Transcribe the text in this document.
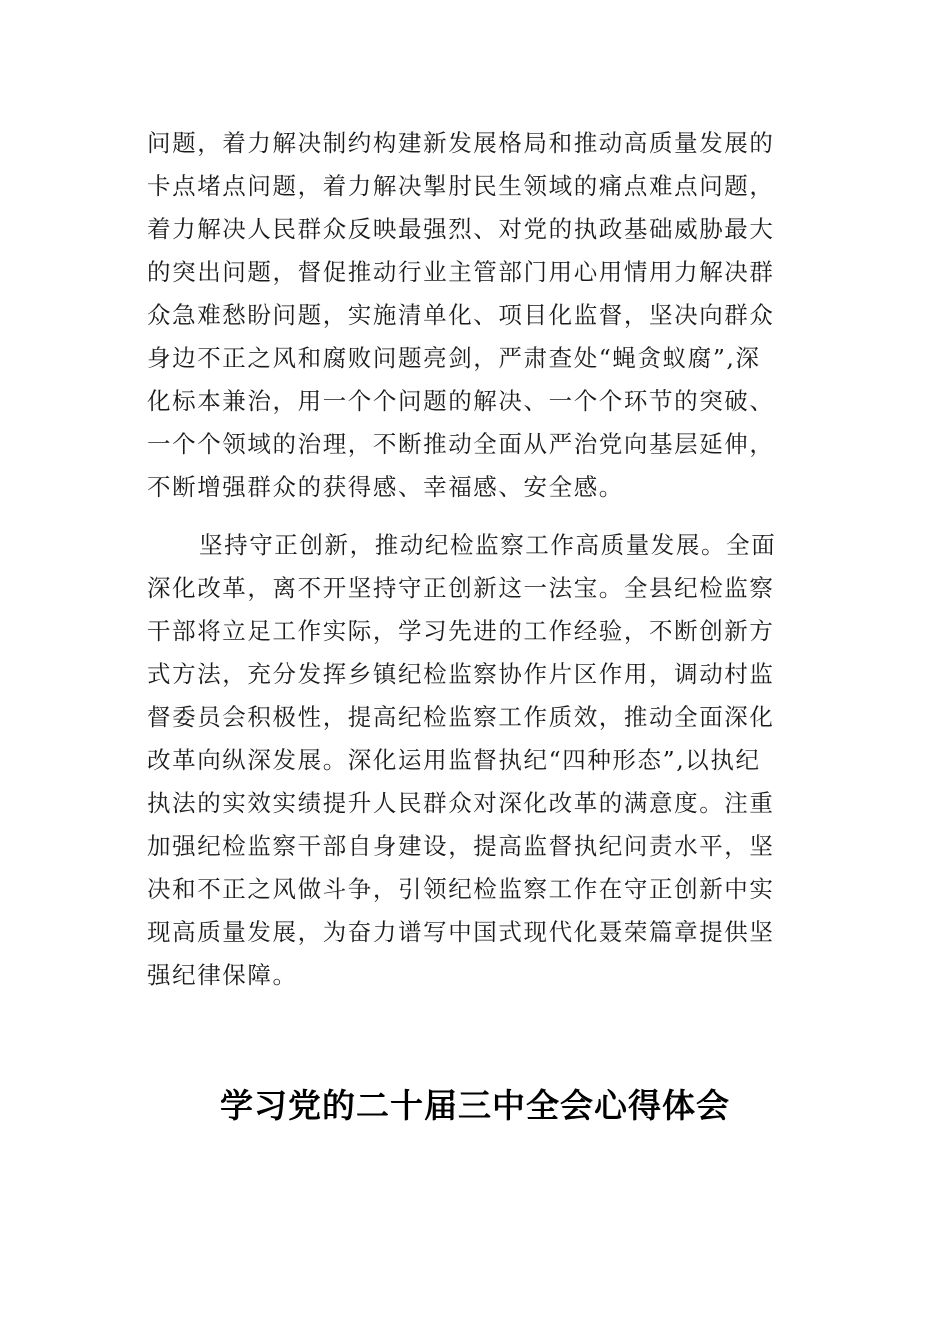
问题，着力解决制约构建新发展格局和推动高质量发展的
卡点堵点问题，着力解决掣肘民生领域的痛点难点问题，
着力解决人民群众反映最强烈、对党的执政基础威胁最大
的突出问题，督促推动行业主管部门用心用情用力解决群
众急难愁盼问题，实施清单化、项目化监督，坚决向群众
身边不正之风和腐败问题亮剑，严肃查处“蝇贪蚁腐”,深
化标本兼治，用一个个问题的解决、一个个环节的突破、
一个个领域的治理，不断推动全面从严治党向基层延伸，
不断增强群众的获得感、幸福感、安全感。
坚持守正创新，推动纪检监察工作高质量发展。全面
深化改革，离不开坚持守正创新这一法宝。全县纪检监察
干部将立足工作实际，学习先进的工作经验，不断创新方
式方法，充分发挥乡镇纪检监察协作片区作用，调动村监
督委员会积极性，提高纪检监察工作质效，推动全面深化
改革向纵深发展。深化运用监督执纪“四种形态”,以执纪
执法的实效实绩提升人民群众对深化改革的满意度。注重
加强纪检监察干部自身建设，提高监督执纪问责水平，坚
决和不正之风做斗争，引领纪检监察工作在守正创新中实
现高质量发展，为奋力谱写中国式现代化聂荣篇章提供坚
强纪律保障。
学习党的二十届三中全会心得体会
